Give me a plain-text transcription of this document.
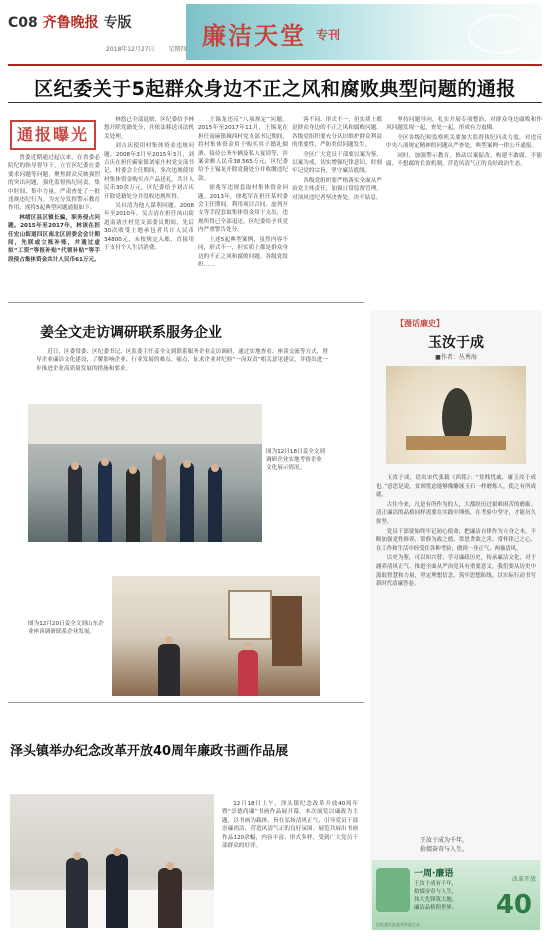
C08 齐鲁晚报 专版
2018年12月27日 星期四 廉洁天堂 专刊
区纪委关于5起群众身边不正之风和腐败典型问题的通报
通报曝光

曾委近期通过起以来，在省委必院纪的指导督导下，立官区纪委在委要求问题等问题，聚焦群众反映强烈的突出问题，强化监督执纪问责，集中时间、集中力量，严肃查处了一批违规违纪行为。为充分发挥警示教育作用，现将5起典型问题通报如下。

林绪区县区镇长骗，职务侵占问题。2015年至2017年，林该在担任宏山街道四区南北区居委会会计期间，先联或立账补账，并通过虚拟“工资”等报补贴“代领补贴”等手段侵占集体资金共计人民币61万元。

林悠已全部退赔，区纪委给予林悠开除党籍处分，并依法移送司法机关处理。

刘吉庆使用村集体资金违规问题。2008年3月至2015年3月，刘吉庆在担任霸家镇刘家庄村党支部书记、村委会主任期间，多次违规使用村集体资金购买卉产品送礼，共计人民币30余万元，区纪委给予刘吉庆开除党籍处分并没收违规所得。

吴自清为他人谋利问题。2008年至2010年，吴吉清在担任凤山街道南诸庄村党支部委员期间，先后30次收受土地承包者共计人民币34800元，未按规定入账，直接用于支付个人生活消费。

王锡龙违反“八项规定”问题。2015年至2017年11月，王锡龙在担任南麻镇城西村党支部书记期间，将村集体资金用于购买其子婚礼烟酒、接待公务车辆及私人宴请等，涉案金额人民币38.565万元，区纪委给予王锡龙开除党籍处分并收缴违纪款。

徐兆军违规套取村集体资金问题。2013年，徐兆军在担任某村委会主任期间，利用项目合同、虚列开支等手段套取集体资金用于支出，违规所得已全部退还，区纪委给予其党内严重警告处分。

上述5起典型案例，虽然内容不同，形式不一，但实质上都是群众身边的不正之风和腐败问题。各级党组织……

客不同、形式不一，但实质上都是群众身边的不正之风和腐败问题。各级党组织要充分认识维护群众利益的重要性，严防类似问题发生。

全区广大党员干部要以案为鉴、以案为戒，切实增强纪律意识，时刻牢记党的宗旨，坚守廉洁底线。

各级党组织要严格落实全面从严治党主体责任，加强日常监督管理，对顶风违纪者坚决查处，决不姑息。

坚持问题导向，扎实开展专项整治，对群众身边腐败和作风问题发现一起、查处一起，形成有力震慑。

全区各级纪检监察机关要加大监督执纪问责力度，对违反中央八项规定精神的问题从严查处，典型案例一律公开通报。

同时，加强警示教育，推动以案促改，构建不敢腐、不能腐、不想腐的长效机制，营造风清气正的良好政治生态。

姜全文走访调研联系服务企业

近日，区委常委、区纪委书记、区监委主任姜全文到联系服务企业走访调研，通过实地查看、座谈交流等方式，督导企业廉洁文化建设，了解影响企业、行业发展的难点、痛点，征求企业对纪检“一岗双责”相关意见建议，并提出进一步推进企业高质量发展的措施和要求。

图为12月18日姜全文到调研企业实地考察企业文化展示情况。
图为12月20日姜全文到山东企业座谈调研联系企业发展。
泽头镇举办纪念改革开放40周年廉政书画作品展

12月18日上午，泽头镇纪念改革开放40周年暨“崇德尚廉”书画作品展开幕。本次展览以廉政为主题，以书画为载体，旨在弘扬清风正气，引导党员干部崇廉尚洁，营造风清气正的良好氛围。展览共展出书画作品120余幅，内容丰富、形式多样，受到广大党员干部群众的好评。

【漫话廉史】
玉汝于成
■作者：丛秀海

玉汝于成，语出宋代张载《西铭》：“贫贱忧戚，庸玉汝于成也。”意思是说，贫困忧虑能够像雕琢玉石一样磨炼人，使之有所成就。

古往今来，凡是有所作为的人，大都经历过艰难困苦的磨砺。清正廉洁的品格同样需要在实践中锤炼，在考验中坚守，才能历久弥坚。

党员干部要始终牢记初心使命，把廉洁自律作为立身之本，不断加强党性修养，常修为政之德、常思贪欲之害、常怀律己之心，在工作和生活中经受住各种考验，做到一身正气、两袖清风。

以史为鉴，可以知兴替。学习廉政历史，传承廉洁文化，对于涵养清风正气、推进全面从严治党具有重要意义。我们要从历史中汲取智慧和力量，坚定理想信念，筑牢思想防线，以实际行动书写新时代清廉答卷。

王汝于成为千年，
拾掇奋奇与人生，
一周·廉语
王汝于成有千年，
拾掇奋奇与人生，
伟大先锋筑大地，
廉洁品格照世界。
改革开放
40
区纪委区监委宣传部主办
